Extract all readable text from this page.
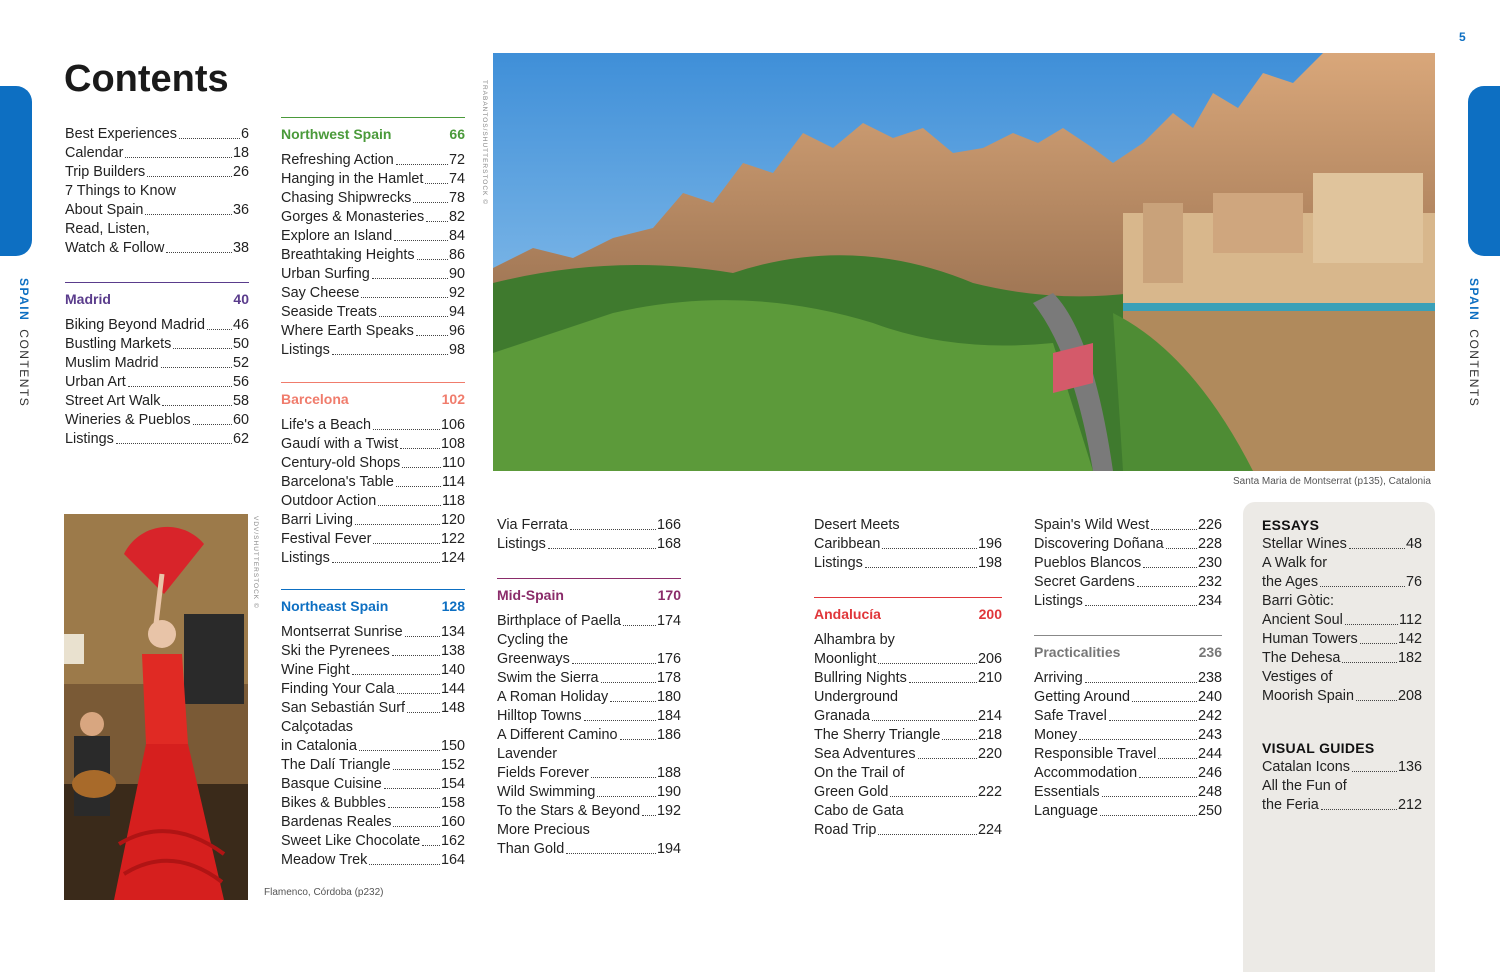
SPAINCONTENTS
SPAINCONTENTS
5
Contents
Best Experiences	6
Calendar	18
Trip Builders	26
7 Things to Know
About Spain	36
Read, Listen,
Watch & Follow	38
Madrid	40
Biking Beyond Madrid 46
Bustling Markets	50
Muslim Madrid	52
Urban Art	56
Street Art Walk	58
Wineries & Pueblos	60
Listings	62
Northwest Spain	66
Refreshing Action	72
Hanging in the Hamlet 74
Chasing Shipwrecks	78
Gorges & Monasteries 82
Explore an Island	84
Breathtaking Heights 86
Urban Surfing	90
Say Cheese	92
Seaside Treats	94
Where Earth Speaks 96
Listings	98
Barcelona	102
Life's a Beach	106
Gaudí with a Twist	108
Century-old Shops	110
Barcelona's Table	114
Outdoor Action	118
Barri Living	120
Festival Fever	122
Listings	124
Northeast Spain	128
Montserrat Sunrise	134
Ski the Pyrenees	138
Wine Fight	140
Finding Your Cala	144
San Sebastián Surf 148
Calçotadas
in Catalonia	150
The Dalí Triangle	152
Basque Cuisine	154
Bikes & Bubbles	158
Bardenas Reales	160
Sweet Like Chocolate 162
Meadow Trek	164
Via Ferrata	166
Listings	168
Mid-Spain	170
Birthplace of Paella 174
Cycling the
Greenways	176
Swim the Sierra	178
A Roman Holiday	180
Hilltop Towns	184
A Different Camino	186
Lavender
Fields Forever	188
Wild Swimming	190
To the Stars & Beyond 192
More Precious
Than Gold	194
Desert Meets
Caribbean	196
Listings	198
Andalucía	200
Alhambra by
Moonlight	206
Bullring Nights	210
Underground
Granada	214
The Sherry Triangle	218
Sea Adventures	220
On the Trail of
Green Gold	222
Cabo de Gata
Road Trip	224
Spain's Wild West	226
Discovering Doñana 228
Pueblos Blancos	230
Secret Gardens	232
Listings	234
Practicalities	236
Arriving	238
Getting Around	240
Safe Travel	242
Money	243
Responsible Travel	244
Accommodation	246
Essentials	248
Language	250
ESSAYS
Stellar Wines	48
A Walk for
the Ages	76
Barri Gòtic:
Ancient Soul	112
Human Towers	142
The Dehesa	182
Vestiges of
Moorish Spain	208
VISUAL GUIDES
Catalan Icons	136
All the Fun of
the Feria	212
TRABANTOS/SHUTTERSTOCK ©
Santa Maria de Montserrat (p135), Catalonia
VDV/SHUTTERSTOCK ©
Flamenco, Córdoba (p232)
